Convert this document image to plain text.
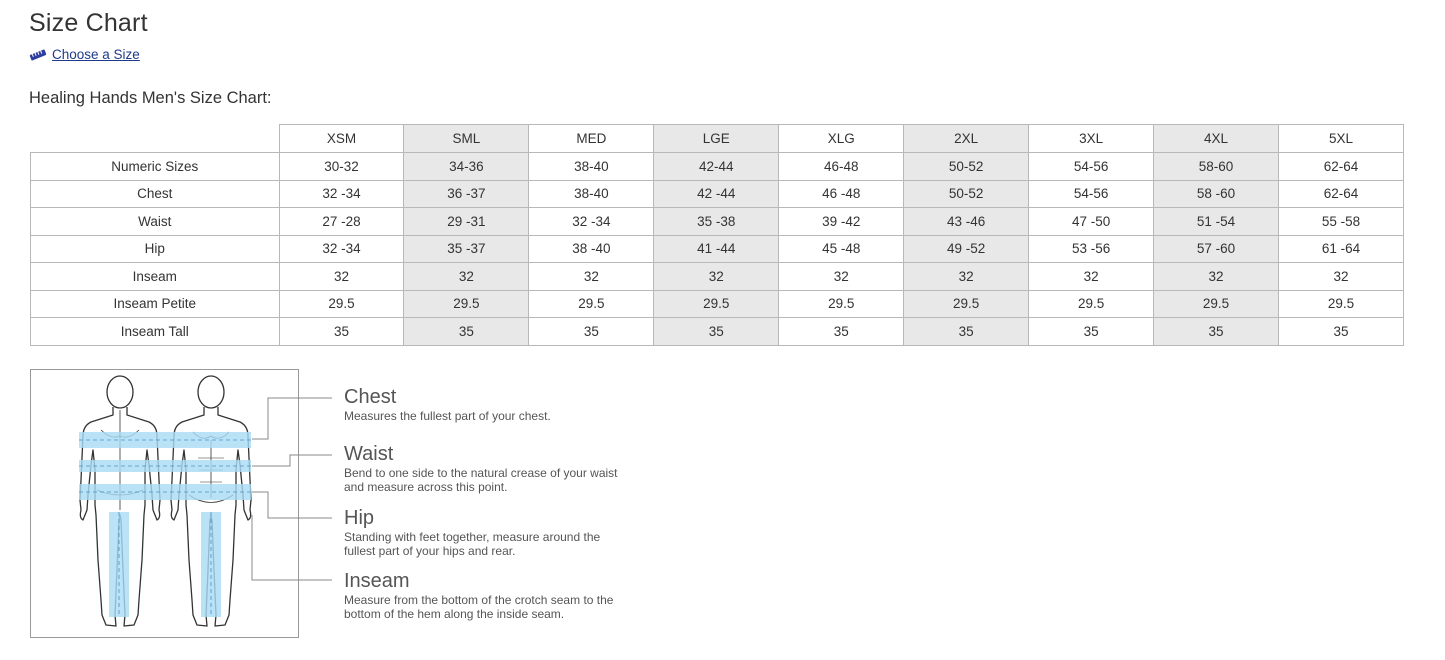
Size Chart
Choose a Size
Healing Hands Men's Size Chart:
	XSM	SML	MED	LGE	XLG	2XL	3XL	4XL	5XL
Numeric Sizes	30-32	34-36	38-40	42-44	46-48	50-52	54-56	58-60	62-64
Chest	32 -34	36 -37	38-40	42 -44	46 -48	50-52	54-56	58 -60	62-64
Waist	27 -28	29 -31	32 -34	35 -38	39 -42	43 -46	47 -50	51 -54	55 -58
Hip	32 -34	35 -37	38 -40	41 -44	45 -48	49 -52	53 -56	57 -60	61 -64
Inseam	32	32	32	32	32	32	32	32	32
Inseam Petite	29.5	29.5	29.5	29.5	29.5	29.5	29.5	29.5	29.5
Inseam Tall	35	35	35	35	35	35	35	35	35

Chest

Measures the fullest part of your chest.

Waist

Bend to one side to the natural crease of your waist and measure across this point.

Hip

Standing with feet together, measure around the fullest part of your hips and rear.

Inseam

Measure from the bottom of the crotch seam to the bottom of the hem along the inside seam.
